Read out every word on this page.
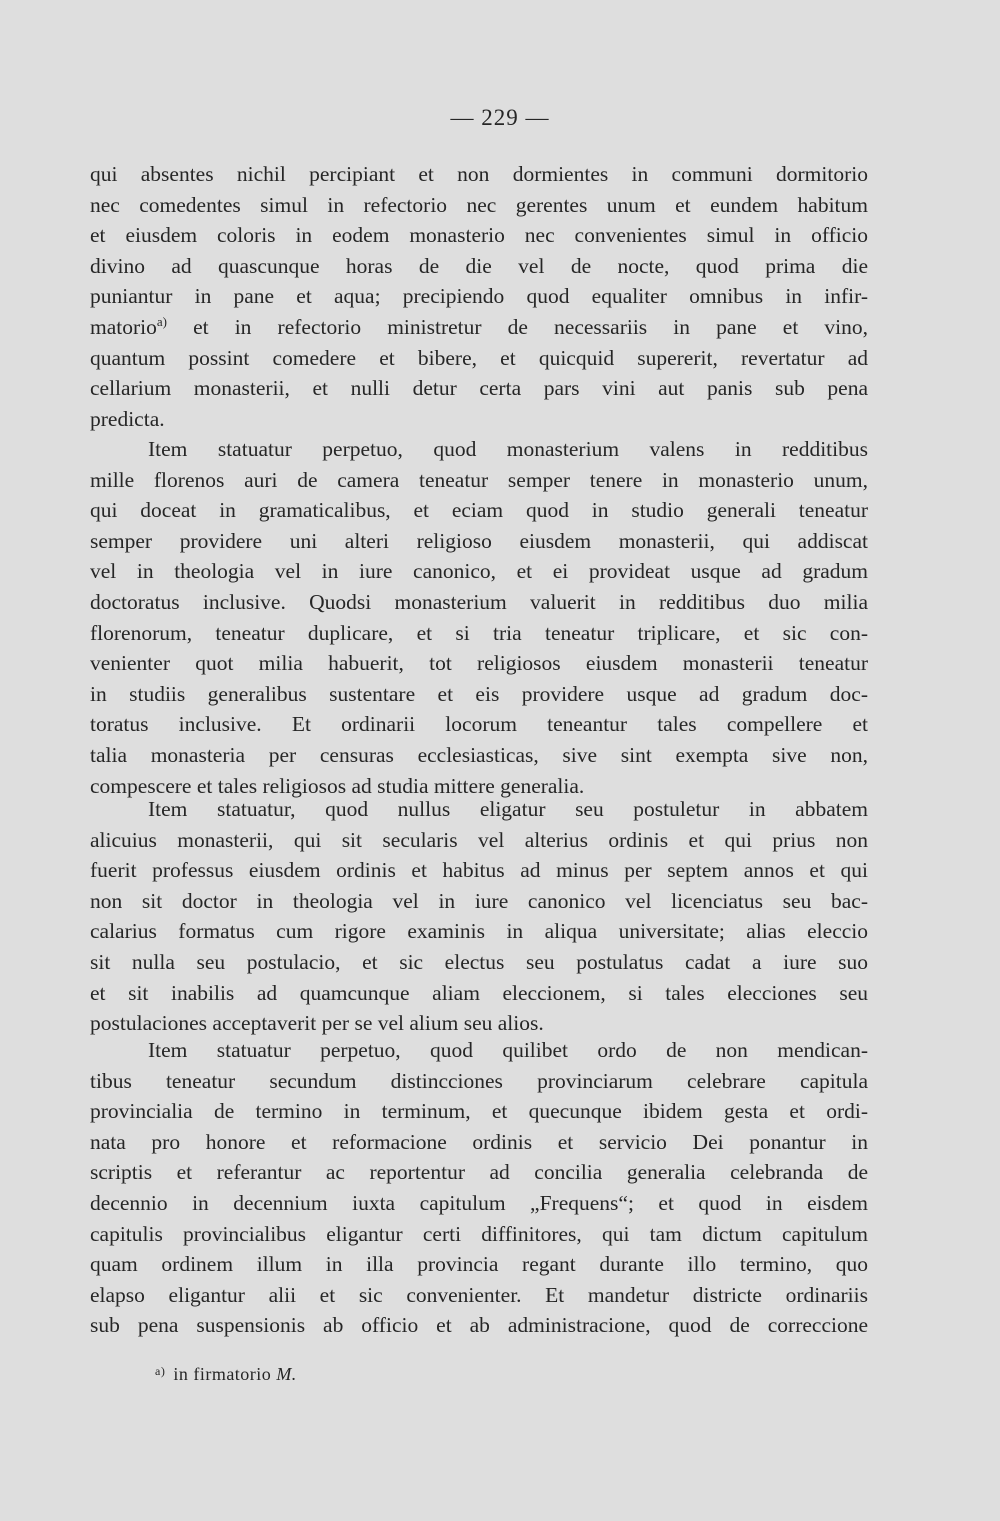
— 229 —
qui absentes nichil percipiant et non dormientes in communi dormitorio
nec comedentes simul in refectorio nec gerentes unum et eundem habitum
et eiusdem coloris in eodem monasterio nec convenientes simul in officio
divino ad quascunque horas de die vel de nocte, quod prima die
puniantur in pane et aqua; precipiendo quod equaliter omnibus in infir-
matorio$^{a)}$ et in refectorio ministretur de necessariis in pane et vino,
quantum possint comedere et bibere, et quicquid supererit, revertatur ad
cellarium monasterii, et nulli detur certa pars vini aut panis sub pena
predicta.
Item statuatur perpetuo, quod monasterium valens in redditibus
mille florenos auri de camera teneatur semper tenere in monasterio unum,
qui doceat in gramaticalibus, et eciam quod in studio generali teneatur
semper providere uni alteri religioso eiusdem monasterii, qui addiscat
vel in theologia vel in iure canonico, et ei provideat usque ad gradum
doctoratus inclusive. Quodsi monasterium valuerit in redditibus duo milia
florenorum, teneatur duplicare, et si tria teneatur triplicare, et sic con-
venienter quot milia habuerit, tot religiosos eiusdem monasterii teneatur
in studiis generalibus sustentare et eis providere usque ad gradum doc-
toratus inclusive. Et ordinarii locorum teneantur tales compellere et
talia monasteria per censuras ecclesiasticas, sive sint exempta sive non,
compescere et tales religiosos ad studia mittere generalia.
Item statuatur, quod nullus eligatur seu postuletur in abbatem
alicuius monasterii, qui sit secularis vel alterius ordinis et qui prius non
fuerit professus eiusdem ordinis et habitus ad minus per septem annos et qui
non sit doctor in theologia vel in iure canonico vel licenciatus seu bac-
calarius formatus cum rigore examinis in aliqua universitate; alias eleccio
sit nulla seu postulacio, et sic electus seu postulatus cadat a iure suo
et sit inabilis ad quamcunque aliam eleccionem, si tales elecciones seu
postulaciones acceptaverit per se vel alium seu alios.
Item statuatur perpetuo, quod quilibet ordo de non mendican-
tibus teneatur secundum distincciones provinciarum celebrare capitula
provincialia de termino in terminum, et quecunque ibidem gesta et ordi-
nata pro honore et reformacione ordinis et servicio Dei ponantur in
scriptis et referantur ac reportentur ad concilia generalia celebranda de
decennio in decennium iuxta capitulum „Frequens“; et quod in eisdem
capitulis provincialibus eligantur certi diffinitores, qui tam dictum capitulum
quam ordinem illum in illa provincia regant durante illo termino, quo
elapso eligantur alii et sic convenienter. Et mandetur districte ordinariis
sub pena suspensionis ab officio et ab administracione, quod de correccione
$^{a)}$ in firmatorio M.
